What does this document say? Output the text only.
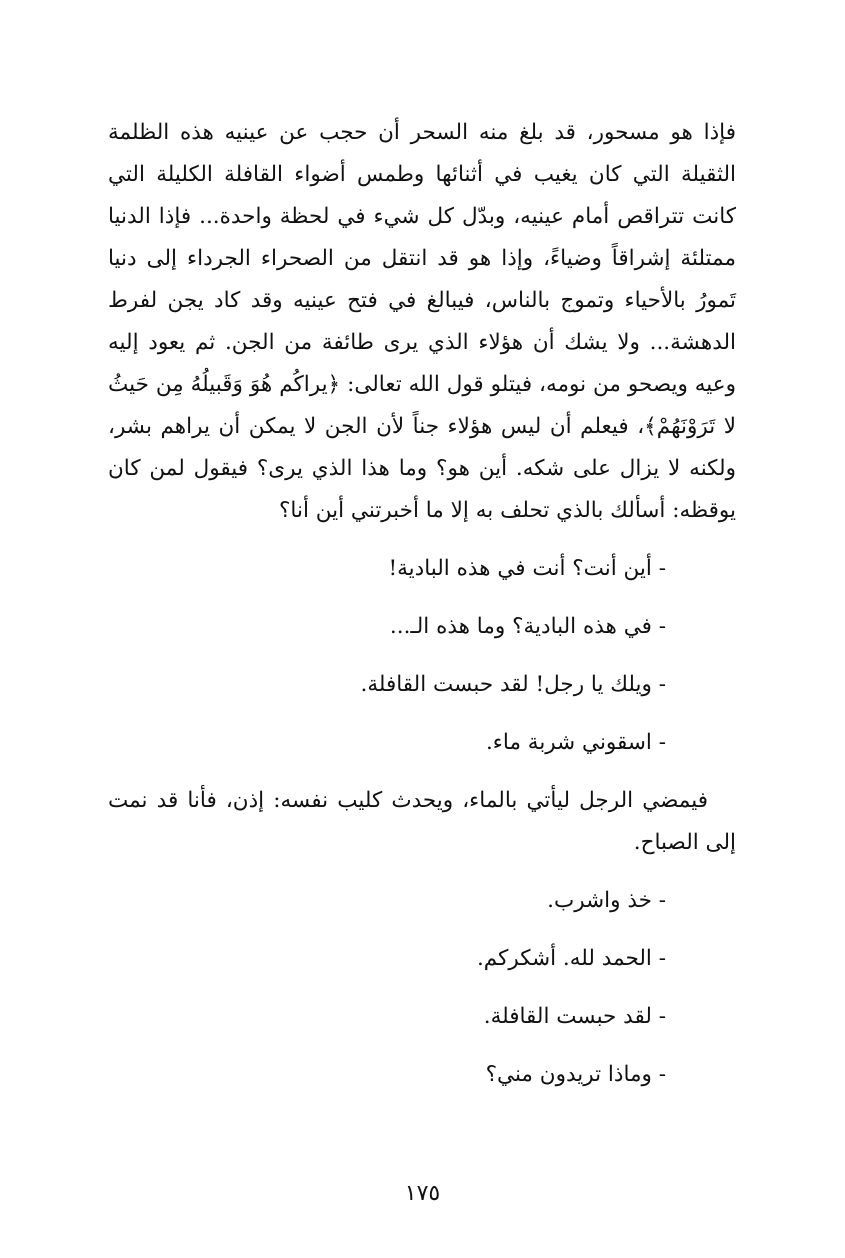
فإذا هو مسحور، قد بلغ منه السحر أن حجب عن عينيه هذه الظلمة الثقيلة التي كان يغيب في أثنائها وطمس أضواء القافلة الكليلة التي كانت تتراقص أمام عينيه، وبدّل كل شيء في لحظة واحدة... فإذا الدنيا ممتلئة إشراقاً وضياءً، وإذا هو قد انتقل من الصحراء الجرداء إلى دنيا تَمورُ بالأحياء وتموج بالناس، فيبالغ في فتح عينيه وقد كاد يجن لفرط الدهشة... ولا يشك أن هؤلاء الذي يرى طائفة من الجن. ثم يعود إليه وعيه ويصحو من نومه، فيتلو قول الله تعالى: ﴿يراكُم هُوَ وَقَبيلُهُ مِن حَيثُ لا تَرَوْنَهُمْ﴾، فيعلم أن ليس هؤلاء جناً لأن الجن لا يمكن أن يراهم بشر، ولكنه لا يزال على شكه. أين هو؟ وما هذا الذي يرى؟ فيقول لمن كان يوقظه: أسألك بالذي تحلف به إلا ما أخبرتني أين أنا؟

- أين أنت؟ أنت في هذه البادية!

- في هذه البادية؟ وما هذه الـ...

- ويلك يا رجل! لقد حبست القافلة.

- اسقوني شربة ماء.

فيمضي الرجل ليأتي بالماء، ويحدث كليب نفسه: إذن، فأنا قد نمت إلى الصباح.

- خذ واشرب.

- الحمد لله. أشكركم.

- لقد حبست القافلة.

- وماذا تريدون مني؟

١٧٥
